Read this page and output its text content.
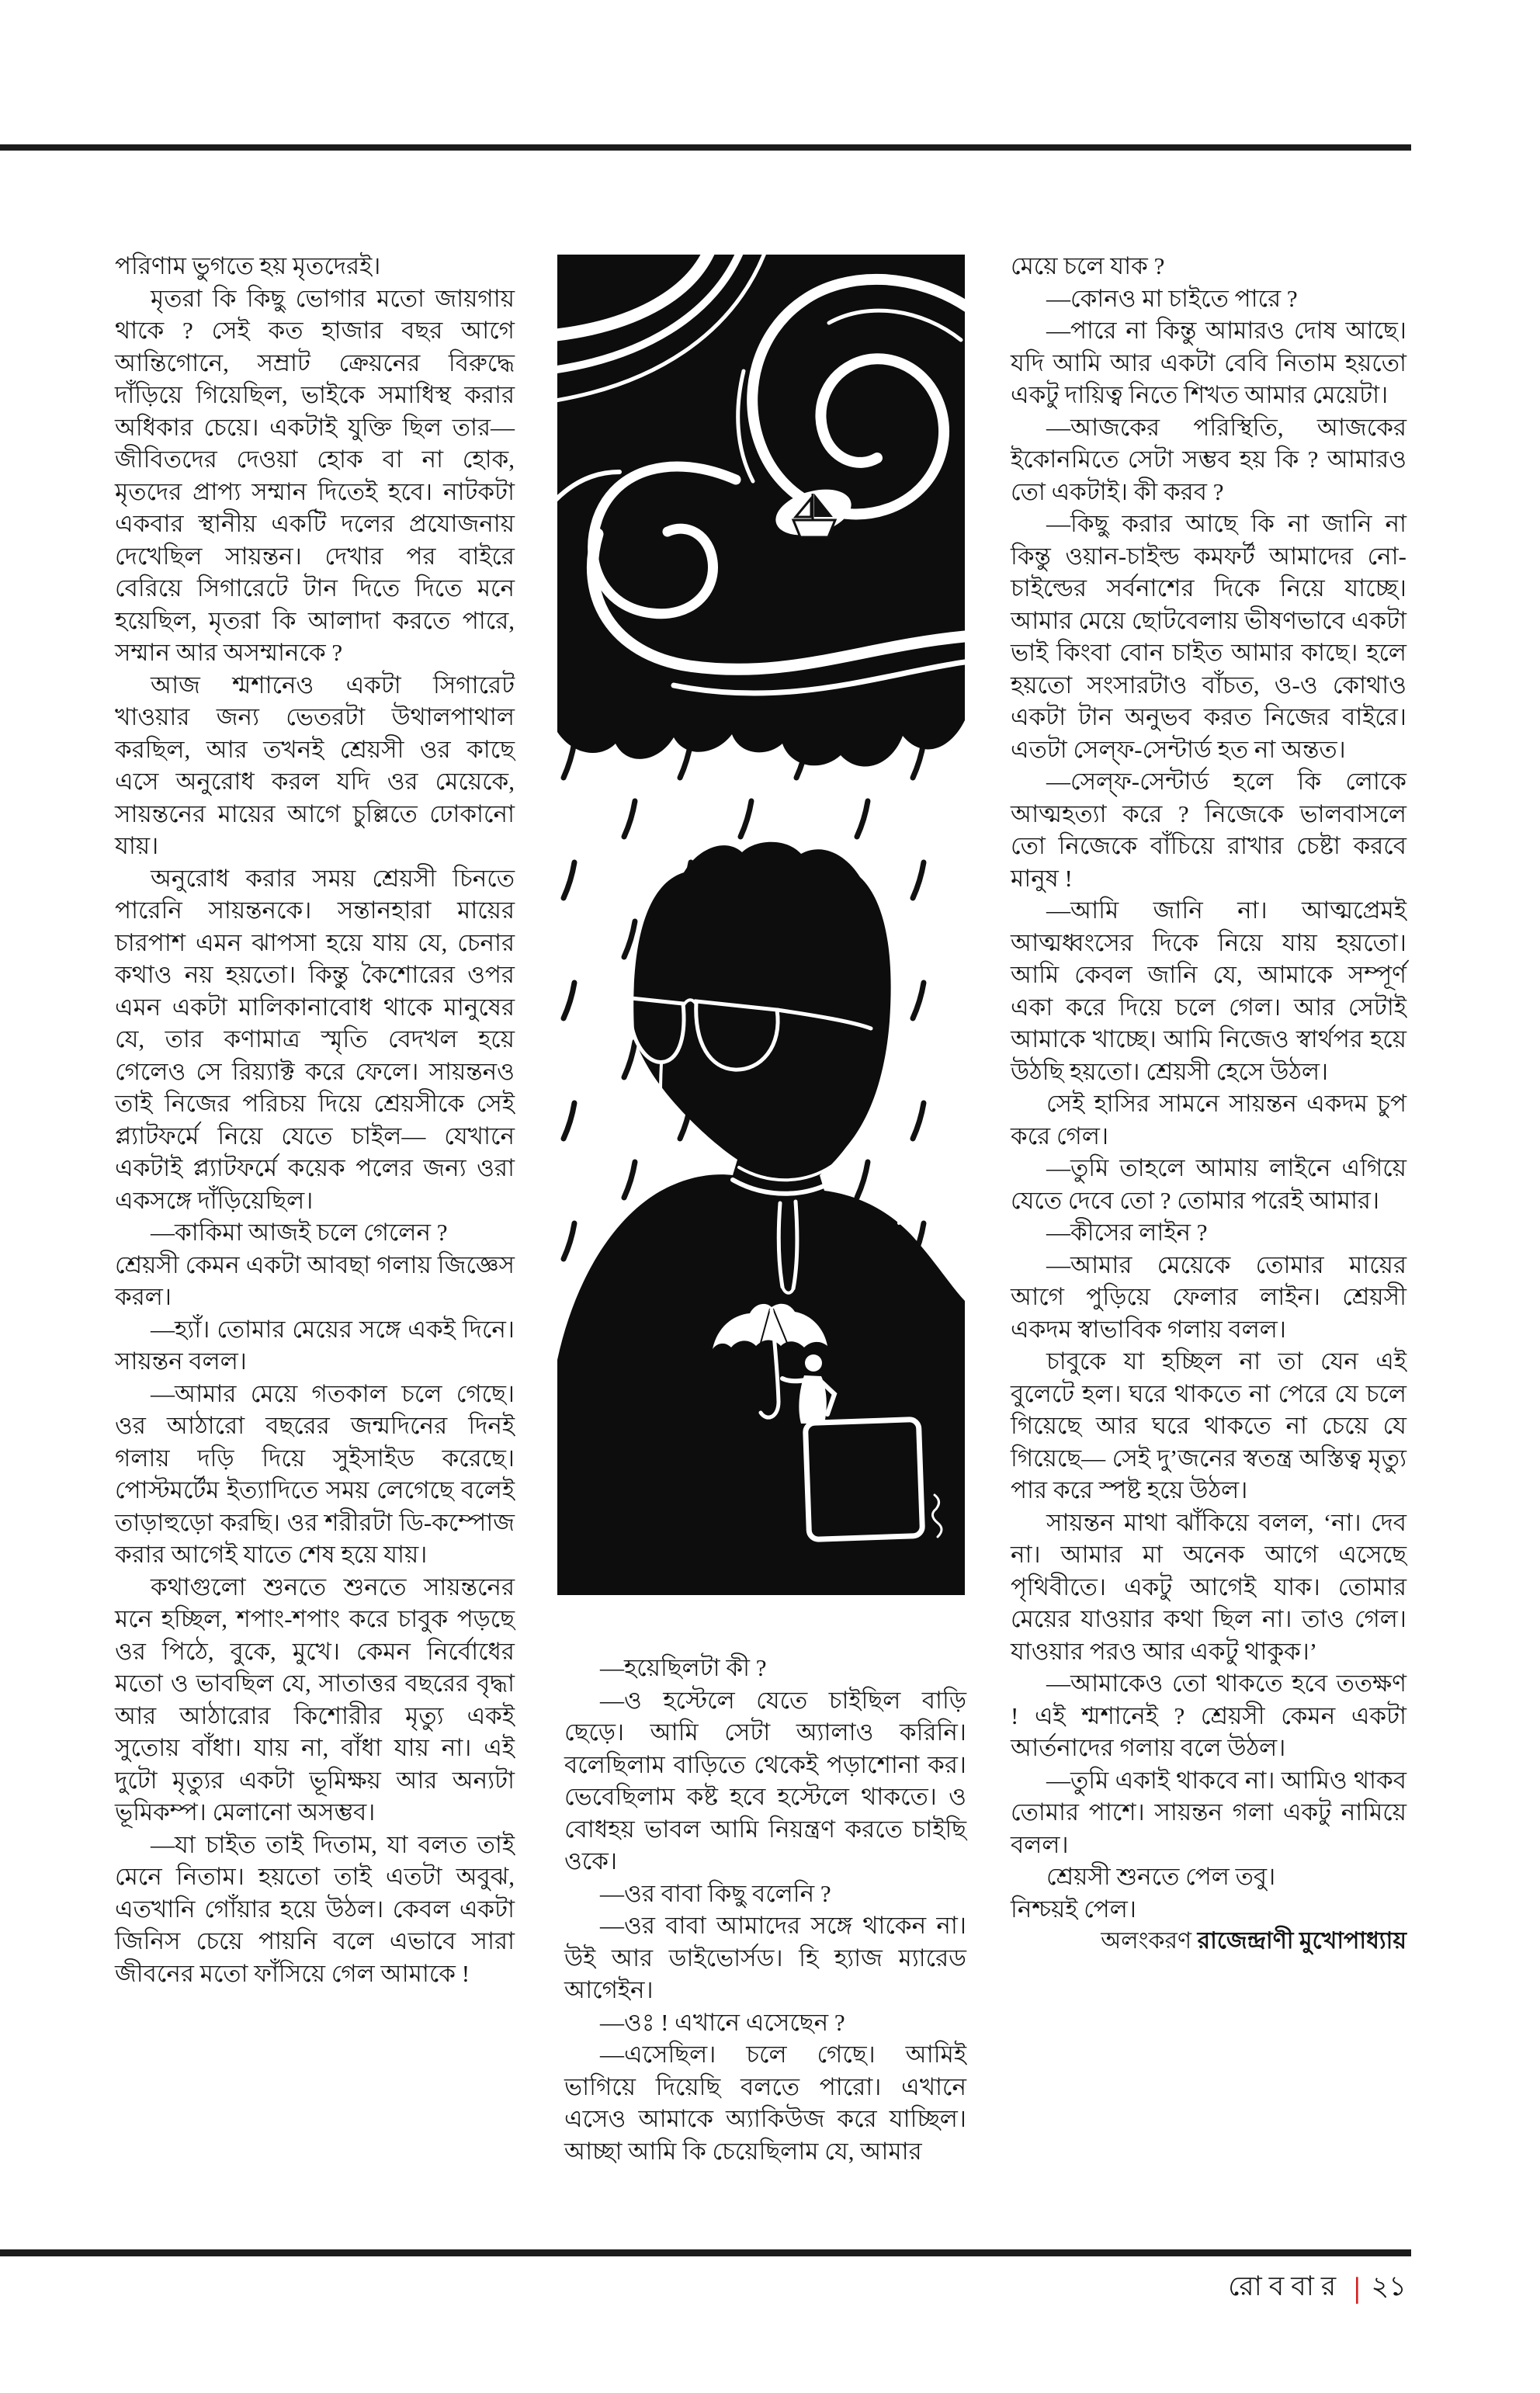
পরিণাম ভুগতে হয় মৃতদেরই।

মৃতরা কি কিছু ভোগার মতো জায়গায় থাকে ? সেই কত হাজার বছর আগে আন্তিগোনে, সম্রাট ক্রেয়নের বিরুদ্ধে দাঁড়িয়ে গিয়েছিল, ভাইকে সমাধিস্থ করার অধিকার চেয়ে। একটাই যুক্তি ছিল তার— জীবিতদের দেওয়া হোক বা না হোক, মৃতদের প্রাপ্য সম্মান দিতেই হবে। নাটকটা একবার স্থানীয় একটি দলের প্রযোজনায় দেখেছিল সায়ন্তন। দেখার পর বাইরে বেরিয়ে সিগারেটে টান দিতে দিতে মনে হয়েছিল, মৃতরা কি আলাদা করতে পারে, সম্মান আর অসম্মানকে ?

আজ শ্মশানেও একটা সিগারেট খাওয়ার জন্য ভেতরটা উথালপাথাল করছিল, আর তখনই শ্রেয়সী ওর কাছে এসে অনুরোধ করল যদি ওর মেয়েকে, সায়ন্তনের মায়ের আগে চুল্লিতে ঢোকানো যায়।

অনুরোধ করার সময় শ্রেয়সী চিনতে পারেনি সায়ন্তনকে। সন্তানহারা মায়ের চারপাশ এমন ঝাপসা হয়ে যায় যে, চেনার কথাও নয় হয়তো। কিন্তু কৈশোরের ওপর এমন একটা মালিকানাবোধ থাকে মানুষের যে, তার কণামাত্র স্মৃতি বেদখল হয়ে গেলেও সে রিয়্যাক্ট করে ফেলে। সায়ন্তনও তাই নিজের পরিচয় দিয়ে শ্রেয়সীকে সেই প্ল্যাটফর্মে নিয়ে যেতে চাইল— যেখানে একটাই প্ল্যাটফর্মে কয়েক পলের জন্য ওরা একসঙ্গে দাঁড়িয়েছিল।

—কাকিমা আজই চলে গেলেন ?

শ্রেয়সী কেমন একটা আবছা গলায় জিজ্ঞেস করল।

—হ্যাঁ। তোমার মেয়ের সঙ্গে একই দিনে। সায়ন্তন বলল।

—আমার মেয়ে গতকাল চলে গেছে। ওর আঠারো বছরের জন্মদিনের দিনই গলায় দড়ি দিয়ে সুইসাইড করেছে। পোস্টমর্টেম ইত্যাদিতে সময় লেগেছে বলেই তাড়াহুড়ো করছি। ওর শরীরটা ডি-কম্পোজ করার আগেই যাতে শেষ হয়ে যায়।

কথাগুলো শুনতে শুনতে সায়ন্তনের মনে হচ্ছিল, শপাং-শপাং করে চাবুক পড়ছে ওর পিঠে, বুকে, মুখে। কেমন নির্বোধের মতো ও ভাবছিল যে, সাতাত্তর বছরের বৃদ্ধা আর আঠারোর কিশোরীর মৃত্যু একই সুতোয় বাঁধা। যায় না, বাঁধা যায় না। এই দুটো মৃত্যুর একটা ভূমিক্ষয় আর অন্যটা ভূমিকম্প। মেলানো অসম্ভব।

—যা চাইত তাই দিতাম, যা বলত তাই মেনে নিতাম। হয়তো তাই এতটা অবুঝ, এতখানি গোঁয়ার হয়ে উঠল। কেবল একটা জিনিস চেয়ে পায়নি বলে এভাবে সারা জীবনের মতো ফাঁসিয়ে গেল আমাকে !

—হয়েছিলটা কী ?

—ও হস্টেলে যেতে চাইছিল বাড়ি ছেড়ে। আমি সেটা অ্যালাও করিনি। বলেছিলাম বাড়িতে থেকেই পড়াশোনা কর। ভেবেছিলাম কষ্ট হবে হস্টেলে থাকতে। ও বোধহয় ভাবল আমি নিয়ন্ত্রণ করতে চাইছি ওকে।

—ওর বাবা কিছু বলেনি ?

—ওর বাবা আমাদের সঙ্গে থাকেন না। উই আর ডাইভোর্সড। হি হ্যাজ ম্যারেড আগেইন।

—ওঃ ! এখানে এসেছেন ?

—এসেছিল। চলে গেছে। আমিই ভাগিয়ে দিয়েছি বলতে পারো। এখানে এসেও আমাকে অ্যাকিউজ করে যাচ্ছিল। আচ্ছা আমি কি চেয়েছিলাম যে, আমার

মেয়ে চলে যাক ?

—কোনও মা চাইতে পারে ?

—পারে না কিন্তু আমারও দোষ আছে। যদি আমি আর একটা বেবি নিতাম হয়তো একটু দায়িত্ব নিতে শিখত আমার মেয়েটা।

—আজকের পরিস্থিতি, আজকের ইকোনমিতে সেটা সম্ভব হয় কি ? আমারও তো একটাই। কী করব ?

—কিছু করার আছে কি না জানি না কিন্তু ওয়ান-চাইল্ড কমফর্ট আমাদের নো-চাইল্ডের সর্বনাশের দিকে নিয়ে যাচ্ছে। আমার মেয়ে ছোটবেলায় ভীষণভাবে একটা ভাই কিংবা বোন চাইত আমার কাছে। হলে হয়তো সংসারটাও বাঁচত, ও-ও কোথাও একটা টান অনুভব করত নিজের বাইরে। এতটা সেল্‌ফ-সেন্টার্ড হত না অন্তত।

—সেল্‌ফ-সেন্টার্ড হলে কি লোকে আত্মহত্যা করে ? নিজেকে ভালবাসলে তো নিজেকে বাঁচিয়ে রাখার চেষ্টা করবে মানুষ !

—আমি জানি না। আত্মপ্রেমই আত্মধ্বংসের দিকে নিয়ে যায় হয়তো। আমি কেবল জানি যে, আমাকে সম্পূর্ণ একা করে দিয়ে চলে গেল। আর সেটাই আমাকে খাচ্ছে। আমি নিজেও স্বার্থপর হয়ে উঠছি হয়তো। শ্রেয়সী হেসে উঠল।

সেই হাসির সামনে সায়ন্তন একদম চুপ করে গেল।

—তুমি তাহলে আমায় লাইনে এগিয়ে যেতে দেবে তো ? তোমার পরেই আমার।

—কীসের লাইন ?

—আমার মেয়েকে তোমার মায়ের আগে পুড়িয়ে ফেলার লাইন। শ্রেয়সী একদম স্বাভাবিক গলায় বলল।

চাবুকে যা হচ্ছিল না তা যেন এই বুলেটে হল। ঘরে থাকতে না পেরে যে চলে গিয়েছে আর ঘরে থাকতে না চেয়ে যে গিয়েছে— সেই দু’জনের স্বতন্ত্র অস্তিত্ব মৃত্যু পার করে স্পষ্ট হয়ে উঠল।

সায়ন্তন মাথা ঝাঁকিয়ে বলল, ‘না। দেব না। আমার মা অনেক আগে এসেছে পৃথিবীতে। একটু আগেই যাক। তোমার মেয়ের যাওয়ার কথা ছিল না। তাও গেল। যাওয়ার পরও আর একটু থাকুক।’

—আমাকেও তো থাকতে হবে ততক্ষণ ! এই শ্মশানেই ? শ্রেয়সী কেমন একটা আর্তনাদের গলায় বলে উঠল।

—তুমি একাই থাকবে না। আমিও থাকব তোমার পাশে। সায়ন্তন গলা একটু নামিয়ে বলল।

শ্রেয়সী শুনতে পেল তবু।

নিশ্চয়ই পেল।

অলংকরণ রাজেন্দ্রাণী মুখোপাধ্যায়

রোববার | ২১
